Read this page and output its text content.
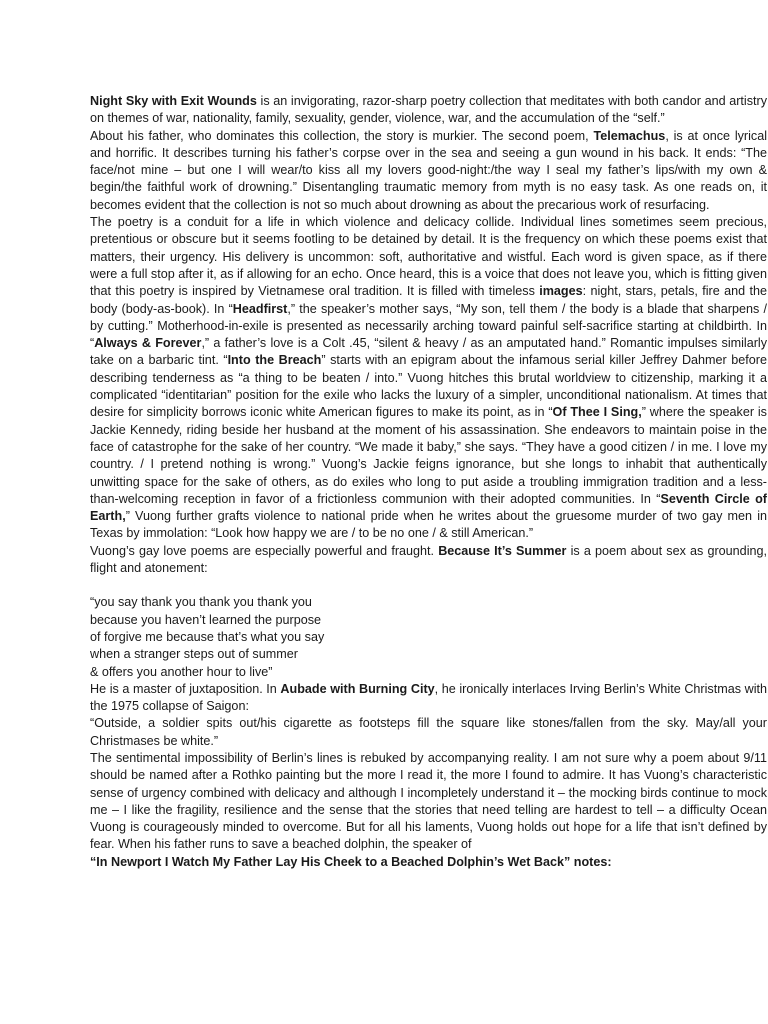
Night Sky with Exit Wounds is an invigorating, razor-sharp poetry collection that meditates with both candor and artistry on themes of war, nationality, family, sexuality, gender, violence, war, and the accumulation of the “self.”

About his father, who dominates this collection, the story is murkier. The second poem, Telemachus, is at once lyrical and horrific. It describes turning his father’s corpse over in the sea and seeing a gun wound in his back. It ends: “The face/not mine – but one I will wear/to kiss all my lovers good-night:/the way I seal my father’s lips/with my own & begin/the faithful work of drowning.” Disentangling traumatic memory from myth is no easy task. As one reads on, it becomes evident that the collection is not so much about drowning as about the precarious work of resurfacing.

The poetry is a conduit for a life in which violence and delicacy collide. Individual lines sometimes seem precious, pretentious or obscure but it seems footling to be detained by detail. It is the frequency on which these poems exist that matters, their urgency. His delivery is uncommon: soft, authoritative and wistful. Each word is given space, as if there were a full stop after it, as if allowing for an echo. Once heard, this is a voice that does not leave you, which is fitting given that this poetry is inspired by Vietnamese oral tradition. It is filled with timeless images: night, stars, petals, fire and the body (body-as-book). In “Headfirst,” the speaker’s mother says, “My son, tell them / the body is a blade that sharpens / by cutting.” Motherhood-in-exile is presented as necessarily arching toward painful self-sacrifice starting at childbirth. In “Always & Forever,” a father’s love is a Colt .45, “silent & heavy / as an amputated hand.” Romantic impulses similarly take on a barbaric tint. “Into the Breach” starts with an epigram about the infamous serial killer Jeffrey Dahmer before describing tenderness as “a thing to be beaten / into.” Vuong hitches this brutal worldview to citizenship, marking it a complicated “identitarian” position for the exile who lacks the luxury of a simpler, unconditional nationalism. At times that desire for simplicity borrows iconic white American figures to make its point, as in “Of Thee I Sing,” where the speaker is Jackie Kennedy, riding beside her husband at the moment of his assassination. She endeavors to maintain poise in the face of catastrophe for the sake of her country. “We made it baby,” she says. “They have a good citizen / in me. I love my country. / I pretend nothing is wrong.” Vuong’s Jackie feigns ignorance, but she longs to inhabit that authentically unwitting space for the sake of others, as do exiles who long to put aside a troubling immigration tradition and a less-than-welcoming reception in favor of a frictionless communion with their adopted communities. In “Seventh Circle of Earth,” Vuong further grafts violence to national pride when he writes about the gruesome murder of two gay men in Texas by immolation: “Look how happy we are / to be no one / & still American.”

Vuong’s gay love poems are especially powerful and fraught. Because It’s Summer is a poem about sex as grounding, flight and atonement:

“you say thank you thank you thank you
because you haven’t learned the purpose
of forgive me because that’s what you say
when a stranger steps out of summer
& offers you another hour to live”

He is a master of juxtaposition. In Aubade with Burning City, he ironically interlaces Irving Berlin’s White Christmas with the 1975 collapse of Saigon:

“Outside, a soldier spits out/his cigarette as footsteps fill the square like stones/fallen from the sky. May/all your Christmases be white.”

The sentimental impossibility of Berlin’s lines is rebuked by accompanying reality. I am not sure why a poem about 9/11 should be named after a Rothko painting but the more I read it, the more I found to admire. It has Vuong’s characteristic sense of urgency combined with delicacy and although I incompletely understand it – the mocking birds continue to mock me – I like the fragility, resilience and the sense that the stories that need telling are hardest to tell – a difficulty Ocean Vuong is courageously minded to overcome. But for all his laments, Vuong holds out hope for a life that isn’t defined by fear. When his father runs to save a beached dolphin, the speaker of

“In Newport I Watch My Father Lay His Cheek to a Beached Dolphin’s Wet Back” notes:
